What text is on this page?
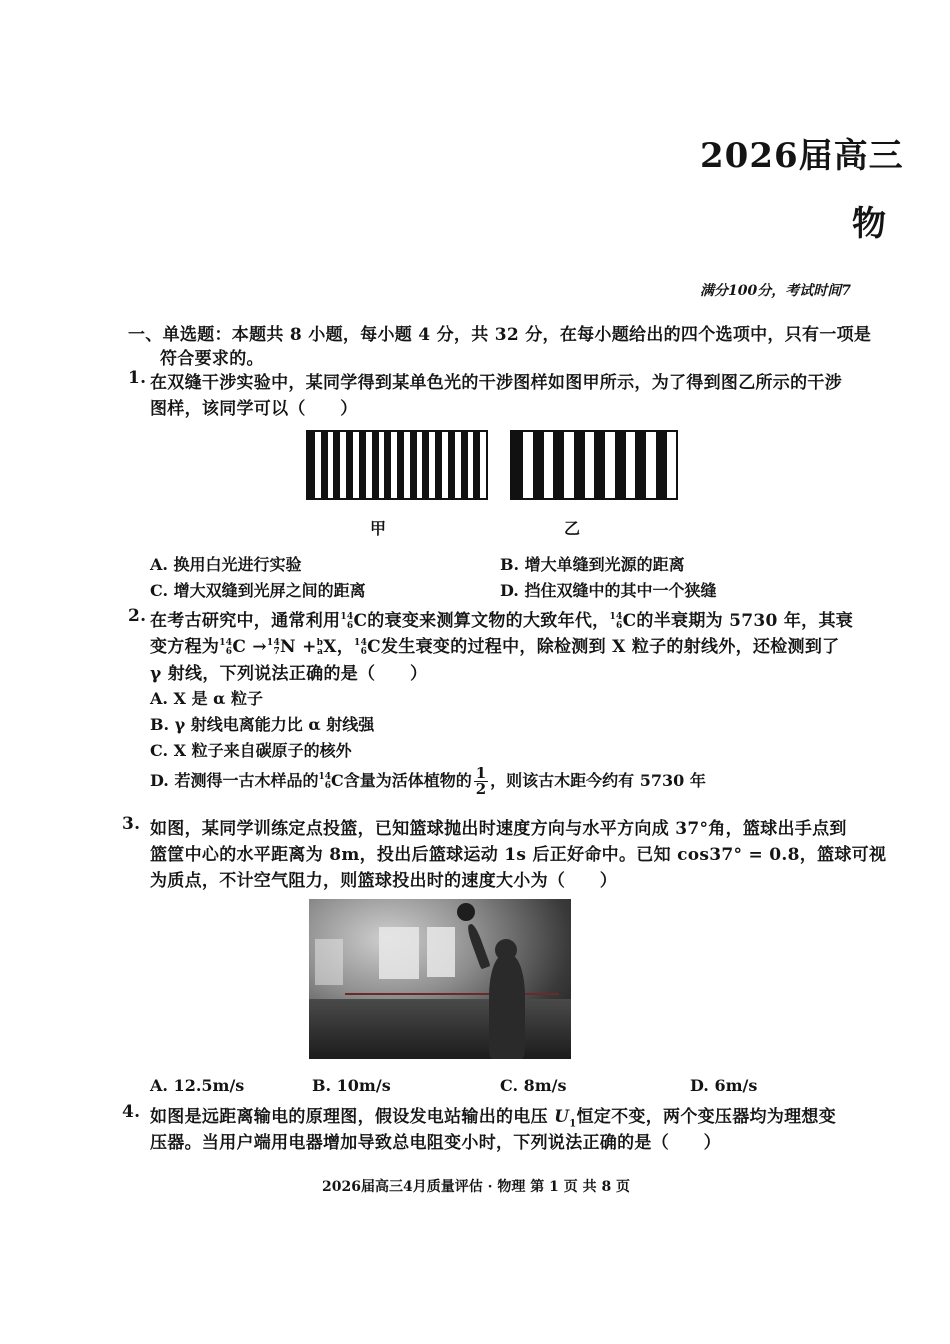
2026届高三
物
满分100分，考试时间7
一、单选题：本题共 8 小题，每小题 4 分，共 32 分，在每小题给出的四个选项中，只有一项是
符合要求的。
1. 在双缝干涉实验中，某同学得到某单色光的干涉图样如图甲所示，为了得到图乙所示的干涉
图样，该同学可以（　　）
甲	乙
A. 换用白光进行实验	B. 增大单缝到光源的距离
C. 增大双缝到光屏之间的距离	D. 挡住双缝中的其中一个狭缝
2. 在考古研究中，通常利用 14
6 C的衰变来测算文物的大致年代， 14
6 C的半衰期为 5730 年，其衰
变方程为 14
6 C → 14
7 N + b
a X， 14
6 C发生衰变的过程中，除检测到 X 粒子的射线外，还检测到了
γ 射线，下列说法正确的是（　　）
A. X 是 α 粒子
B. γ 射线电离能力比 α 射线强
C. X 粒子来自碳原子的核外
D. 若测得一古木样品的 14
6 C含量为活体植物的 $\frac{1}{2}$ ，则该古木距今约有 5730 年
3. 如图，某同学训练定点投篮，已知篮球抛出时速度方向与水平方向成 37°角，篮球出手点到
篮筐中心的水平距离为 8m，投出后篮球运动 1s 后正好命中。已知 cos37° = 0.8，篮球可视
为质点，不计空气阻力，则篮球投出时的速度大小为（　　）
A. 12.5m/s	B. 10m/s	C. 8m/s	D. 6m/s
4. 如图是远距离输电的原理图，假设发电站输出的电压 $U_1$恒定不变，两个变压器均为理想变
压器。当用户端用电器增加导致总电阻变小时，下列说法正确的是（　　）
2026届高三4月质量评估 · 物理 第 1 页 共 8 页
